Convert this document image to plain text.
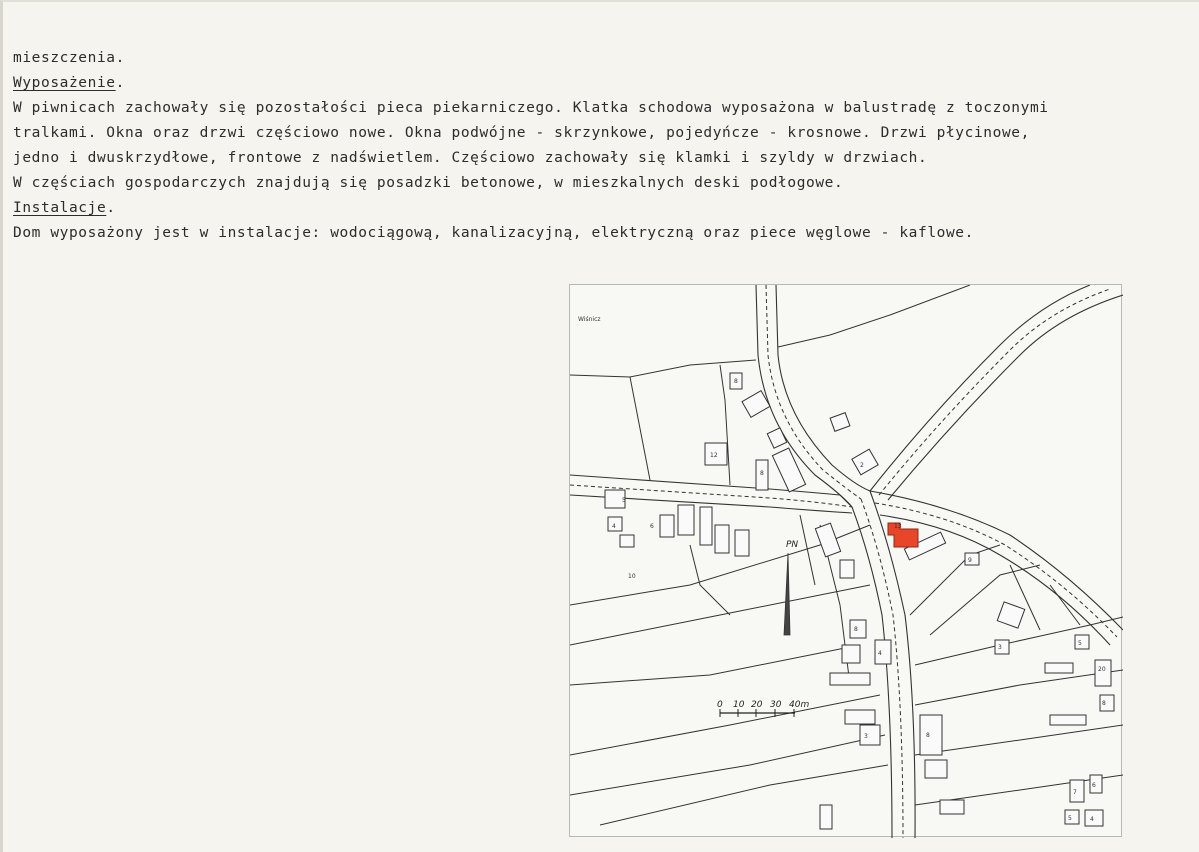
mieszczenia.
Wyposażenie.
W piwnicach zachowały się pozostałości pieca piekarniczego. Klatka schodowa wyposażona w balustradę z toczonymi
tralkami. Okna oraz drzwi częściowo nowe. Okna podwójne - skrzynkowe, pojedyńcze - krosnowe. Drzwi płycinowe,
jedno i dwuskrzydłowe, frontowe z nadświetlem. Częściowo zachowały się klamki i szyldy w drzwiach.
W częściach gospodarczych znajdują się posadzki betonowe, w mieszkalnych deski podłogowe.
Instalacje.
Dom wyposażony jest w instalacje: wodociągową, kanalizacyjną, elektryczną oraz piece węglowe - kaflowe.
Wiśnicz
5
4	6
10
8
12
2
8
13
9
3
8
4
5
8
20
3
8
7
6
5	4
PN
0 10 20 30 40m
